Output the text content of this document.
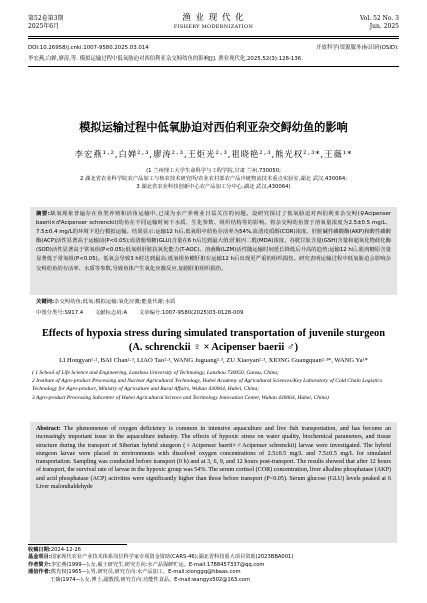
第52卷第3期
2025年6月
渔 业 现 代 化
FISHERY MODERNIZATION
Vol. 52 No. 3
Jun. 2025
DOI:10.26958/j.cnki.1007-9580.2025.03.014	开放科学(资源服务)标识码(OSID):
李宏燕,白婵,廖涛,等. 模拟运输过程中低氧胁迫对西伯利亚杂交鲟幼鱼的影响[J]. 渔业现代化,2025,52(3):128-136.
模拟运输过程中低氧胁迫对西伯利亚杂交鲟幼鱼的影响
李宏燕¹·²,白婵²·³,廖涛²·³,王炬光²·³,祖晓艳²·³,熊光权²·³*,王薇¹*
(1 兰州理工大学生命科学与工程学院,甘肃 兰州,730050;
2 湖北省农业科学院农产品加工与核农技术研究所/农业农村部农产品冷链物流技术重点实验室,湖北 武汉,430064;
3 湖北省农业科技创新中心农产品加工分中心,湖北 武汉,430064)
摘要:缺氧现象普遍存在鱼类养殖和活鱼运输中,已成为水产养殖业日益关注的问题。设研究探讨了低氧胁迫对西伯利亚杂交鲟(♀Acipenser baerii×♂Acipenser schrenckii)幼鱼在不同运输时间下水质、生化参数、组织结构等的影响。将杂交鲟幼鱼置于溶氧量浓度为2.5±0.5 mg/L、7.5±0.4 mg/L的环境下进行模拟运输。结果显示:运输12 h后,低氧组中幼鱼存活率为54%,血清皮质醇(COR)浓度、肝脏碱性磷酸酶(AKP)和酸性磷酸酶(ACP)活性显著高于运输前(P<0.05);血清葡萄糖(GLU)含量在6 h后达到最大值;肝脏丙二醛(MDA)浓度、谷胱甘肽含量(GSH)含量和超氧化物歧化酶(SOD)活性显著高于常氧组(P<0.05);低氧组肝脏抗氧化能力(T-AOC)、溶菌酶(LZM)活性随运输时间延长降低后升高的趋势;运输12 h后,肌肉糖原含量显著低于常氧组(P<0.05)。低氧会导致3 h时达到最高;低氧组鱼鳃肝脏在运输12 h后出现更严重的组织损伤。研究表明运输过程中低氧胁迫会影响杂交鲟幼鱼的存活率、水质等参数,导致鱼体产生氧化应激反应,加剧肝脏组织损伤。
关键词:杂交鲟幼鱼;低氧;模拟运输;氧化应激;能量代谢;水质
中图分类号:S917.4 文献标志码:A 文章编号:1007-9580(2025)03-0128-009
Effects of hypoxia stress during simulated transportation of juvenile sturgeon (A. schrenckii ♀ × Acipenser baerii ♂)
LI Hongyan¹·², BAI Chan²·³, LIAO Tao²·³, WANG Juguang²·³, ZU Xiaoyan²·³, XIONG Guangquan²·³*, WANG Ya¹*
( 1 School of Life Science and Engineering, Lanzhou University of Technology, Lanzhou 730050, Gansu, China;
2 Institute of Agro-product Processing and Nuclear Agricultural Technology, Hubei Academy of Agricultural Sciences/Key Laboratory of Cold Chain Logistics Technology for Agro-product, Ministry of Agriculture and Rural Affairs, Wuhan 430064, Hubei, China;
3 Agro-product Processing Subcenter of Hubei Agricultural Science and Technology Innovation Center, Wuhan 430064, Hubei, China)
Abstract: The phenomenon of oxygen deficiency is common in intensive aquaculture and live fish transportation, and has become an increasingly important issue in the aquaculture industry. The effects of hypoxic stress on water quality, biochemical parameters, and tissue structure during the transport of Siberian hybrid sturgeon (♀Acipenser baerii×♂Acipenser schrenckii) larvae were investigated. The hybrid sturgeon larvae were placed in environments with dissolved oxygen concentrations of 2.5±0.5 mg/L and 7.5±0.5 mg/L for simulated transportation. Sampling was conducted before transport (0 h) and at 3, 6, 9, and 12 hours post-transport. The results showed that after 12 hours of transport, the survival rate of larvae in the hypoxic group was 54%. The serum cortisol (COR) concentration, liver alkaline phosphatase (AKP) and acid phosphatase (ACP) activities were significantly higher than those before transport (P<0.05). Serum glucose (GLU) levels peaked at 6 Liver malondialdehyde
收稿日期:2024-12-26
基金项目:国家现代农业产业技术体系岗位科学家专项资金资助(CARS-46);湖北省科技重大项目资助(2023BBA001)
作者简介:李宏燕(1999—),女,硕士研究生,研究方向:水产品保鲜贮运。E-mail:1788457337@qq.com
通信作者:熊光权(1965—),男,研究员,研究方向:水产品加工。E-mail:xionggq@hbaas.com
王薇(1974—),女,博士,副教授,研究方向:功能性食品。E-mail:wangyx502@163.com
